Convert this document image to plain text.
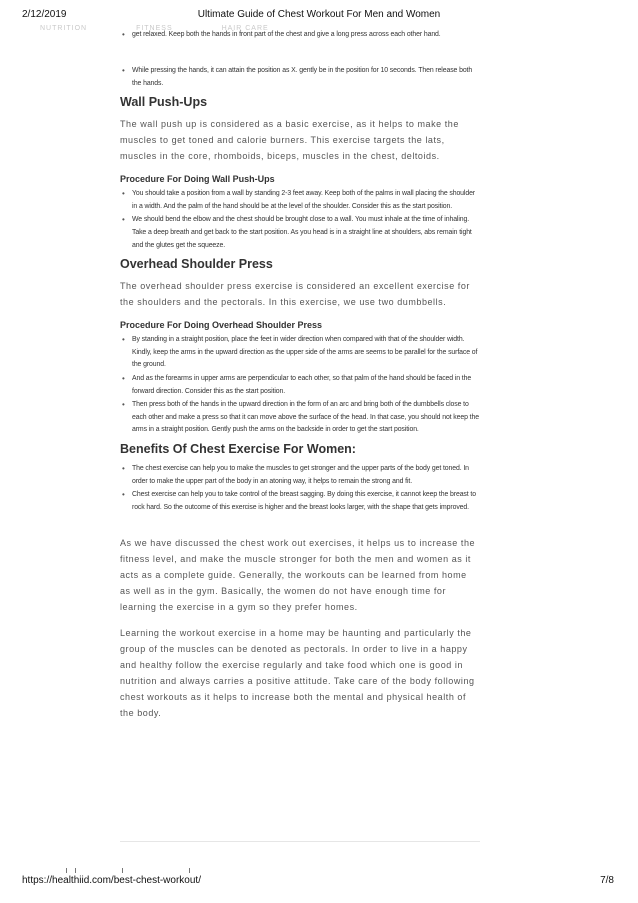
2/12/2019	Ultimate Guide of Chest Workout For Men and Women
NUTRITION	FITNESS	HAIR CARE
• get relaxed. Keep both the hands in front part of the chest and give a long press across each other hand.
• While pressing the hands, it can attain the position as X. gently be in the position for 10 seconds. Then release both the hands.
Wall Push-Ups

The wall push up is considered as a basic exercise, as it helps to make the muscles to get toned and calorie burners. This exercise targets the lats, muscles in the core, rhomboids, biceps, muscles in the chest, deltoids.

Procedure For Doing Wall Push-Ups
• You should take a position from a wall by standing 2-3 feet away. Keep both of the palms in wall placing the shoulder in a width. And the palm of the hand should be at the level of the shoulder. Consider this as the start position.
• We should bend the elbow and the chest should be brought close to a wall. You must inhale at the time of inhaling. Take a deep breath and get back to the start position. As you head is in a straight line at shoulders, abs remain tight and the glutes get the squeeze.
Overhead Shoulder Press

The overhead shoulder press exercise is considered an excellent exercise for the shoulders and the pectorals. In this exercise, we use two dumbbells.

Procedure For Doing Overhead Shoulder Press
• By standing in a straight position, place the feet in wider direction when compared with that of the shoulder width. Kindly, keep the arms in the upward direction as the upper side of the arms are seems to be parallel for the surface of the ground.
• And as the forearms in upper arms are perpendicular to each other, so that palm of the hand should be faced in the forward direction. Consider this as the start position.
• Then press both of the hands in the upward direction in the form of an arc and bring both of the dumbbells close to each other and make a press so that it can move above the surface of the head. In that case, you should not keep the arms in a straight position. Gently push the arms on the backside in order to get the start position.
Benefits Of Chest Exercise For Women:
• The chest exercise can help you to make the muscles to get stronger and the upper parts of the body get toned. In order to make the upper part of the body in an atoning way, it helps to remain the strong and fit.
• Chest exercise can help you to take control of the breast sagging. By doing this exercise, it cannot keep the breast to rock hard. So the outcome of this exercise is higher and the breast looks larger, with the shape that gets improved.

As we have discussed the chest work out exercises, it helps us to increase the fitness level, and make the muscle stronger for both the men and women as it acts as a complete guide. Generally, the workouts can be learned from home as well as in the gym. Basically, the women do not have enough time for learning the exercise in a gym so they prefer homes.

Learning the workout exercise in a home may be haunting and particularly the group of the muscles can be denoted as pectorals. In order to live in a happy and healthy follow the exercise regularly and take food which one is good in nutrition and always carries a positive attitude. Take care of the body following chest workouts as it helps to increase both the mental and physical health of the body.

https://healthiid.com/best-chest-workout/	7/8
